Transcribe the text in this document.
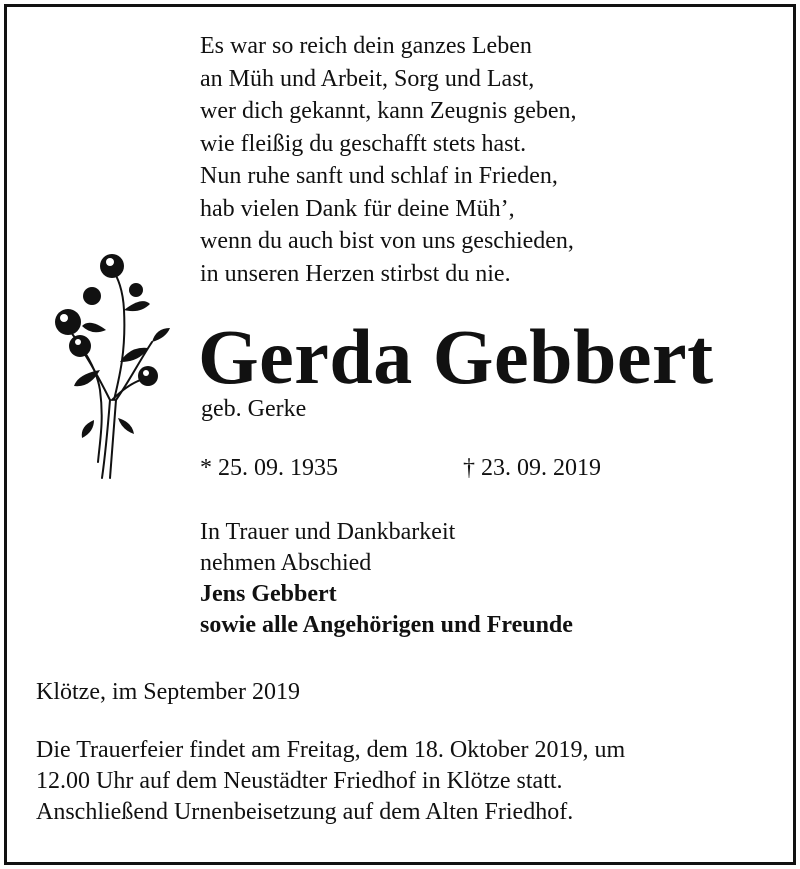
Es war so reich dein ganzes Leben
an Müh und Arbeit, Sorg und Last,
wer dich gekannt, kann Zeugnis geben,
wie fleißig du geschafft stets hast.
Nun ruhe sanft und schlaf in Frieden,
hab vielen Dank für deine Müh’,
wenn du auch bist von uns geschieden,
in unseren Herzen stirbst du nie.
Gerda Gebbert
geb. Gerke
* 25. 09. 1935	† 23. 09. 2019
In Trauer und Dankbarkeit
nehmen Abschied
Jens Gebbert
sowie alle Angehörigen und Freunde
Klötze, im September 2019
Die Trauerfeier findet am Freitag, dem 18. Oktober 2019, um
12.00 Uhr auf dem Neustädter Friedhof in Klötze statt.
Anschließend Urnenbeisetzung auf dem Alten Friedhof.
